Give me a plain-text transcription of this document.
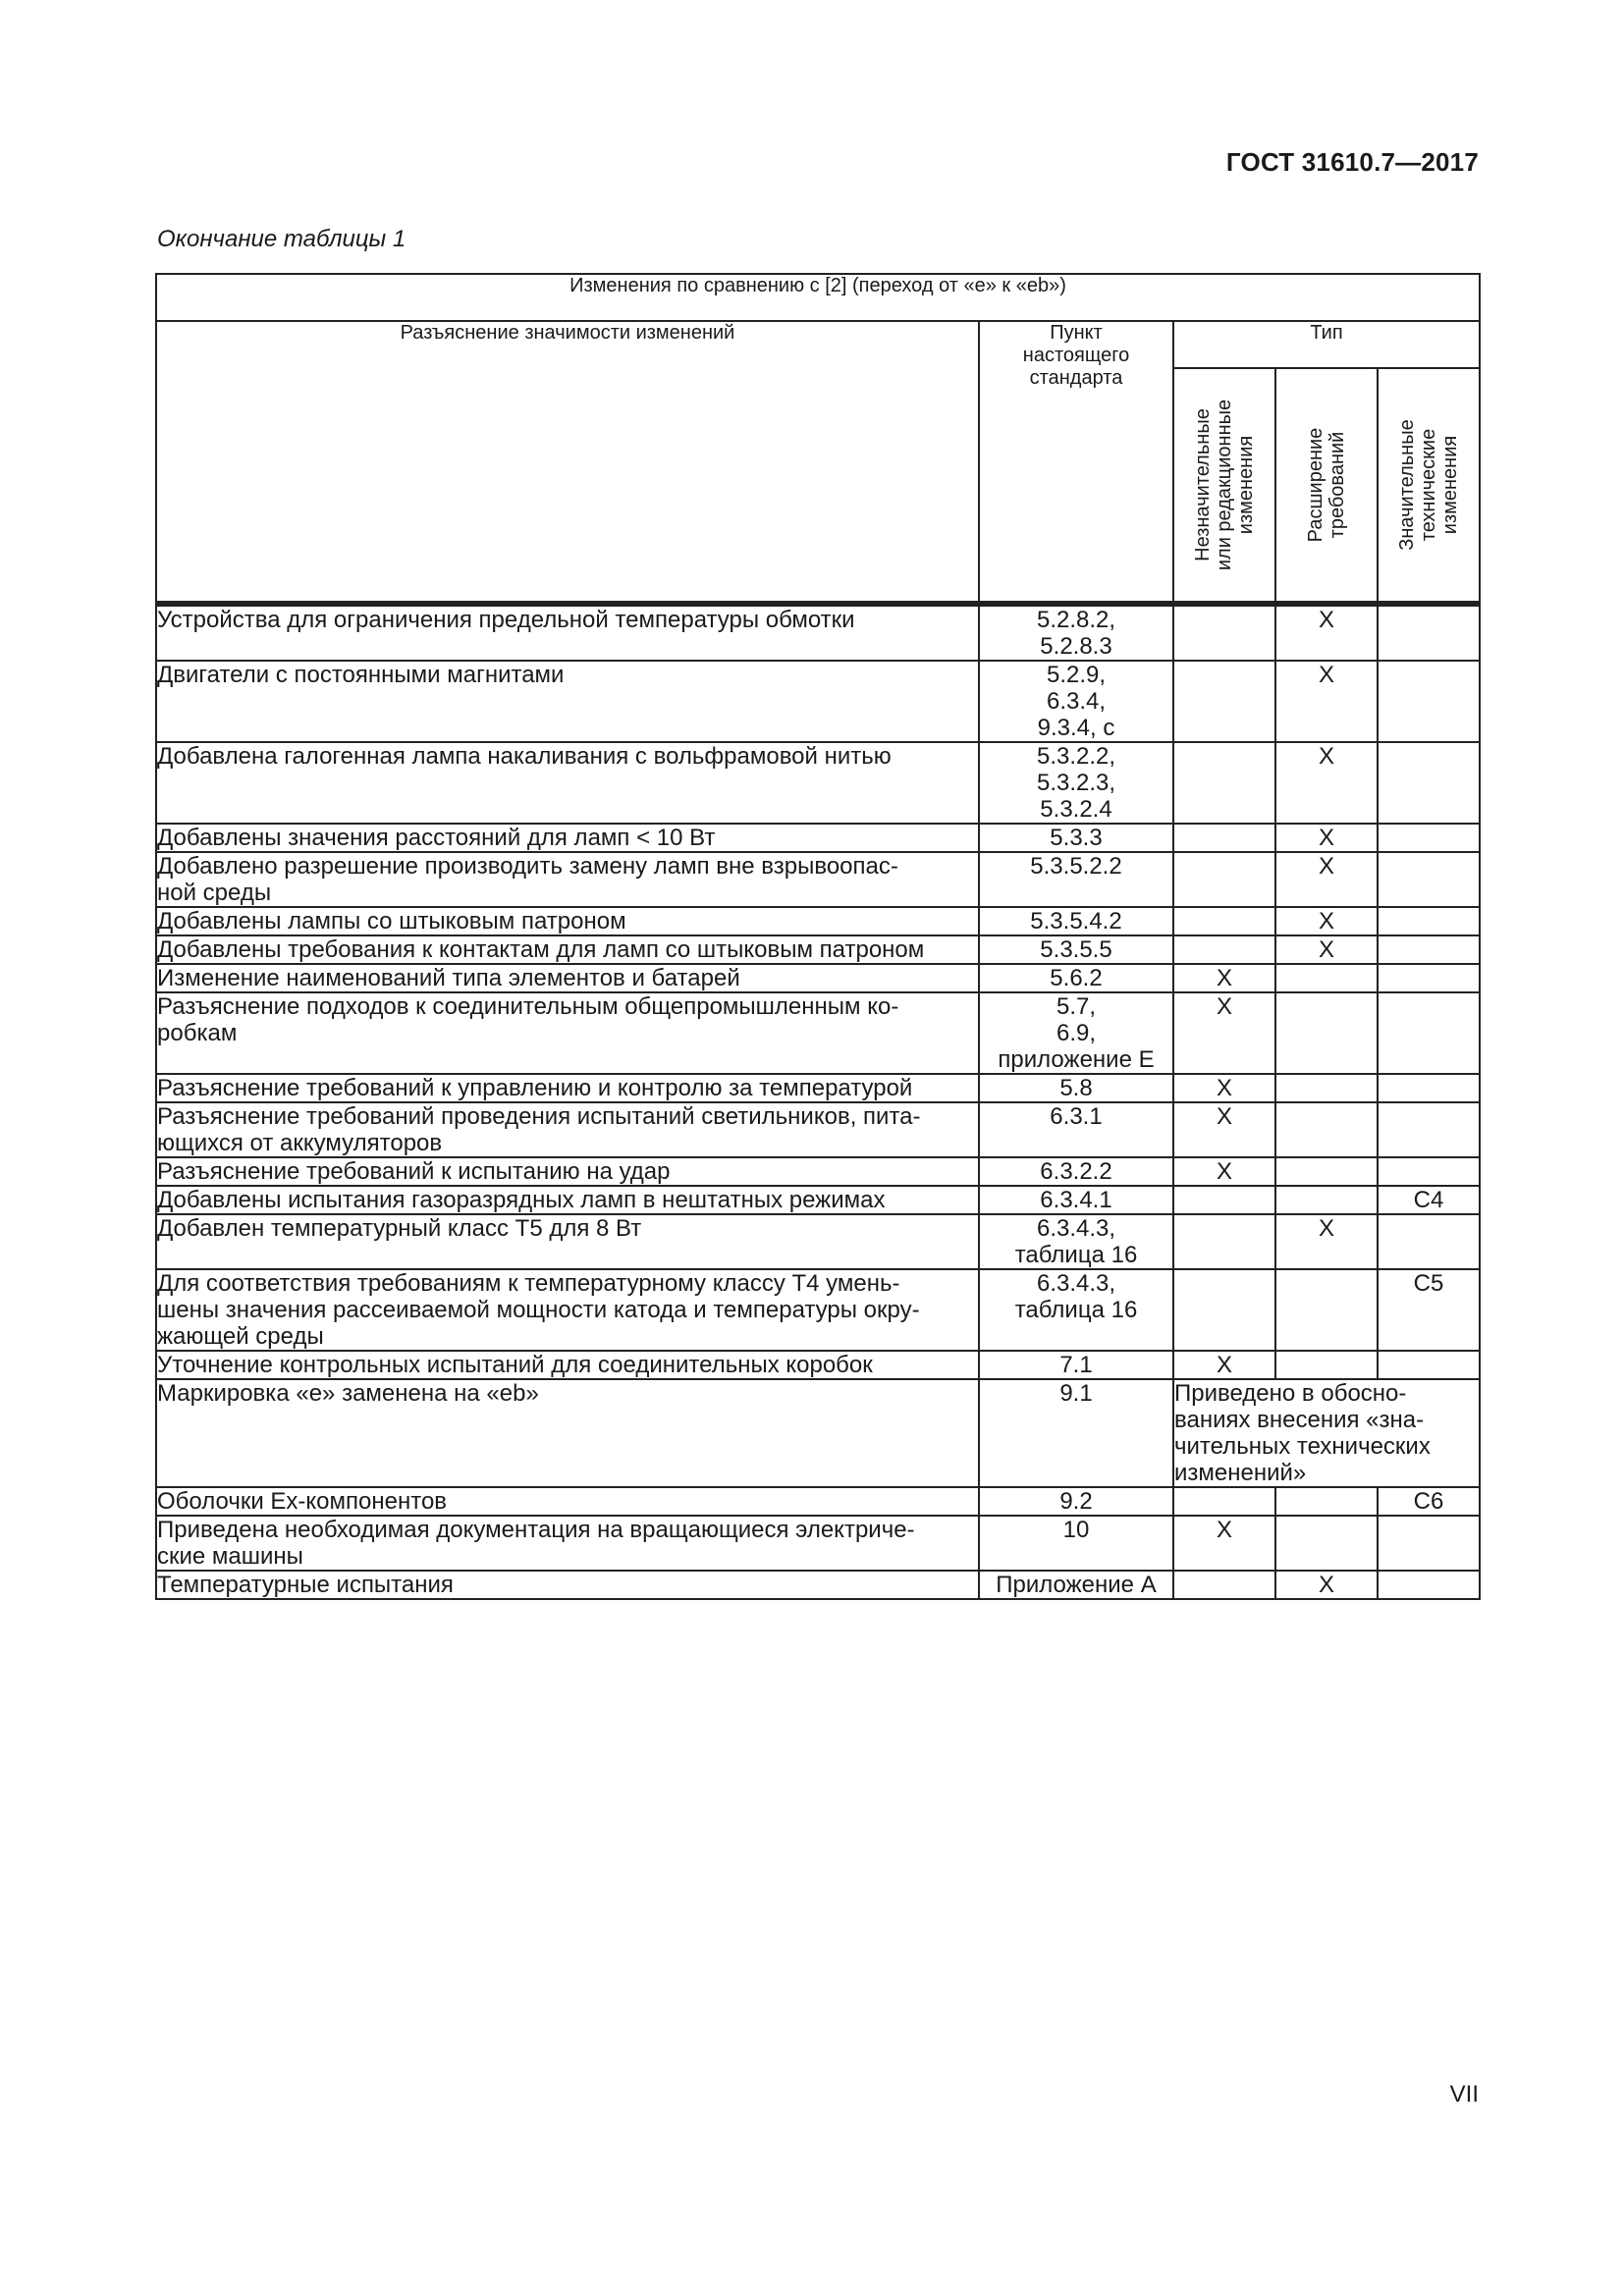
ГОСТ 31610.7—2017
Окончание таблицы 1
Изменения по сравнению с [2] (переход от «e» к «eb»)				
Разъяснение значимости изменений	Пункт
настоящего
стандарта	Тип		

		Незначительные или редакционные изменения	Расширение требований	Значительные технические изменения

Устройства для ограничения предельной температуры обмотки	5.2.8.2,
5.2.8.3		X	

Двигатели с постоянными магнитами	5.2.9,
6.3.4,
9.3.4, c		X	

Добавлена галогенная лампа накаливания с вольфрамовой нитью	5.3.2.2,
5.3.2.3,
5.3.2.4		X	

Добавлены значения расстояний для ламп < 10 Вт	5.3.3		X	

Добавлено разрешение производить замену ламп вне взрывоопас-
ной среды	5.3.5.2.2		X	

Добавлены лампы со штыковым патроном	5.3.5.4.2		X	

Добавлены требования к контактам для ламп со штыковым патроном	5.3.5.5		X	

Изменение наименований типа элементов и батарей	5.6.2	X		

Разъяснение подходов к соединительным общепромышленным ко-
робкам	5.7,
6.9,
приложение E	X		

Разъяснение требований к управлению и контролю за температурой	5.8	X		

Разъяснение требований проведения испытаний светильников, пита-
ющихся от аккумуляторов	6.3.1	X		

Разъяснение требований к испытанию на удар	6.3.2.2	X		

Добавлены испытания газоразрядных ламп в нештатных режимах	6.3.4.1			C4

Добавлен температурный класс T5 для 8 Вт	6.3.4.3,
таблица 16		X	

Для соответствия требованиям к температурному классу T4 умень-
шены значения рассеиваемой мощности катода и температуры окру-
жающей среды	6.3.4.3,
таблица 16			C5

Уточнение контрольных испытаний для соединительных коробок	7.1	X		

Маркировка «e» заменена на «eb»	9.1	Приведено в обосно-
ваниях внесения «зна-
чительных технических
изменений»		

Оболочки Ex-компонентов	9.2			C6

Приведена необходимая документация на вращающиеся электриче-
ские машины	10	X		

Температурные испытания	Приложение A		X	
VII
